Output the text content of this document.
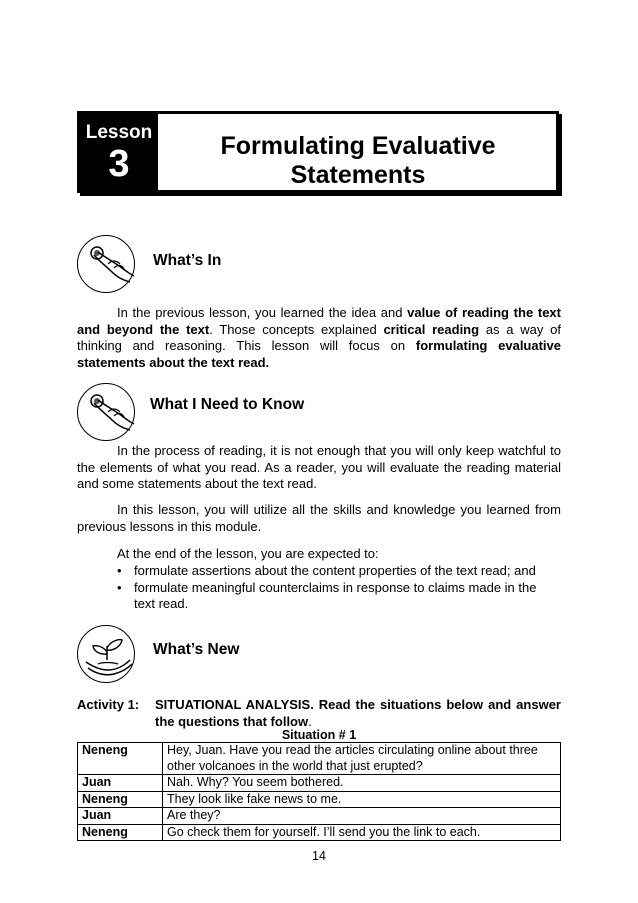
Lesson
3	Formulating Evaluative
Statements
What’s In

In the previous lesson, you learned the idea and value of reading the text and beyond the text. Those concepts explained critical reading as a way of thinking and reasoning. This lesson will focus on formulating evaluative statements about the text read.

What I Need to Know

In the process of reading, it is not enough that you will only keep watchful to the elements of what you read. As a reader, you will evaluate the reading material and some statements about the text read.

In this lesson, you will utilize all the skills and knowledge you learned from previous lessons in this module.

At the end of the lesson, you are expected to:

• formulate assertions about the content properties of the text read; and
• formulate meaningful counterclaims in response to claims made in the text read.
What’s New
Activity 1: SITUATIONAL ANALYSIS. Read the situations below and answer the questions that follow.
Situation # 1
Neneng	Hey, Juan. Have you read the articles circulating online about three other volcanoes in the world that just erupted?
Juan	Nah. Why? You seem bothered.
Neneng	They look like fake news to me.
Juan	Are they?
Neneng	Go check them for yourself. I’ll send you the link to each.
14
